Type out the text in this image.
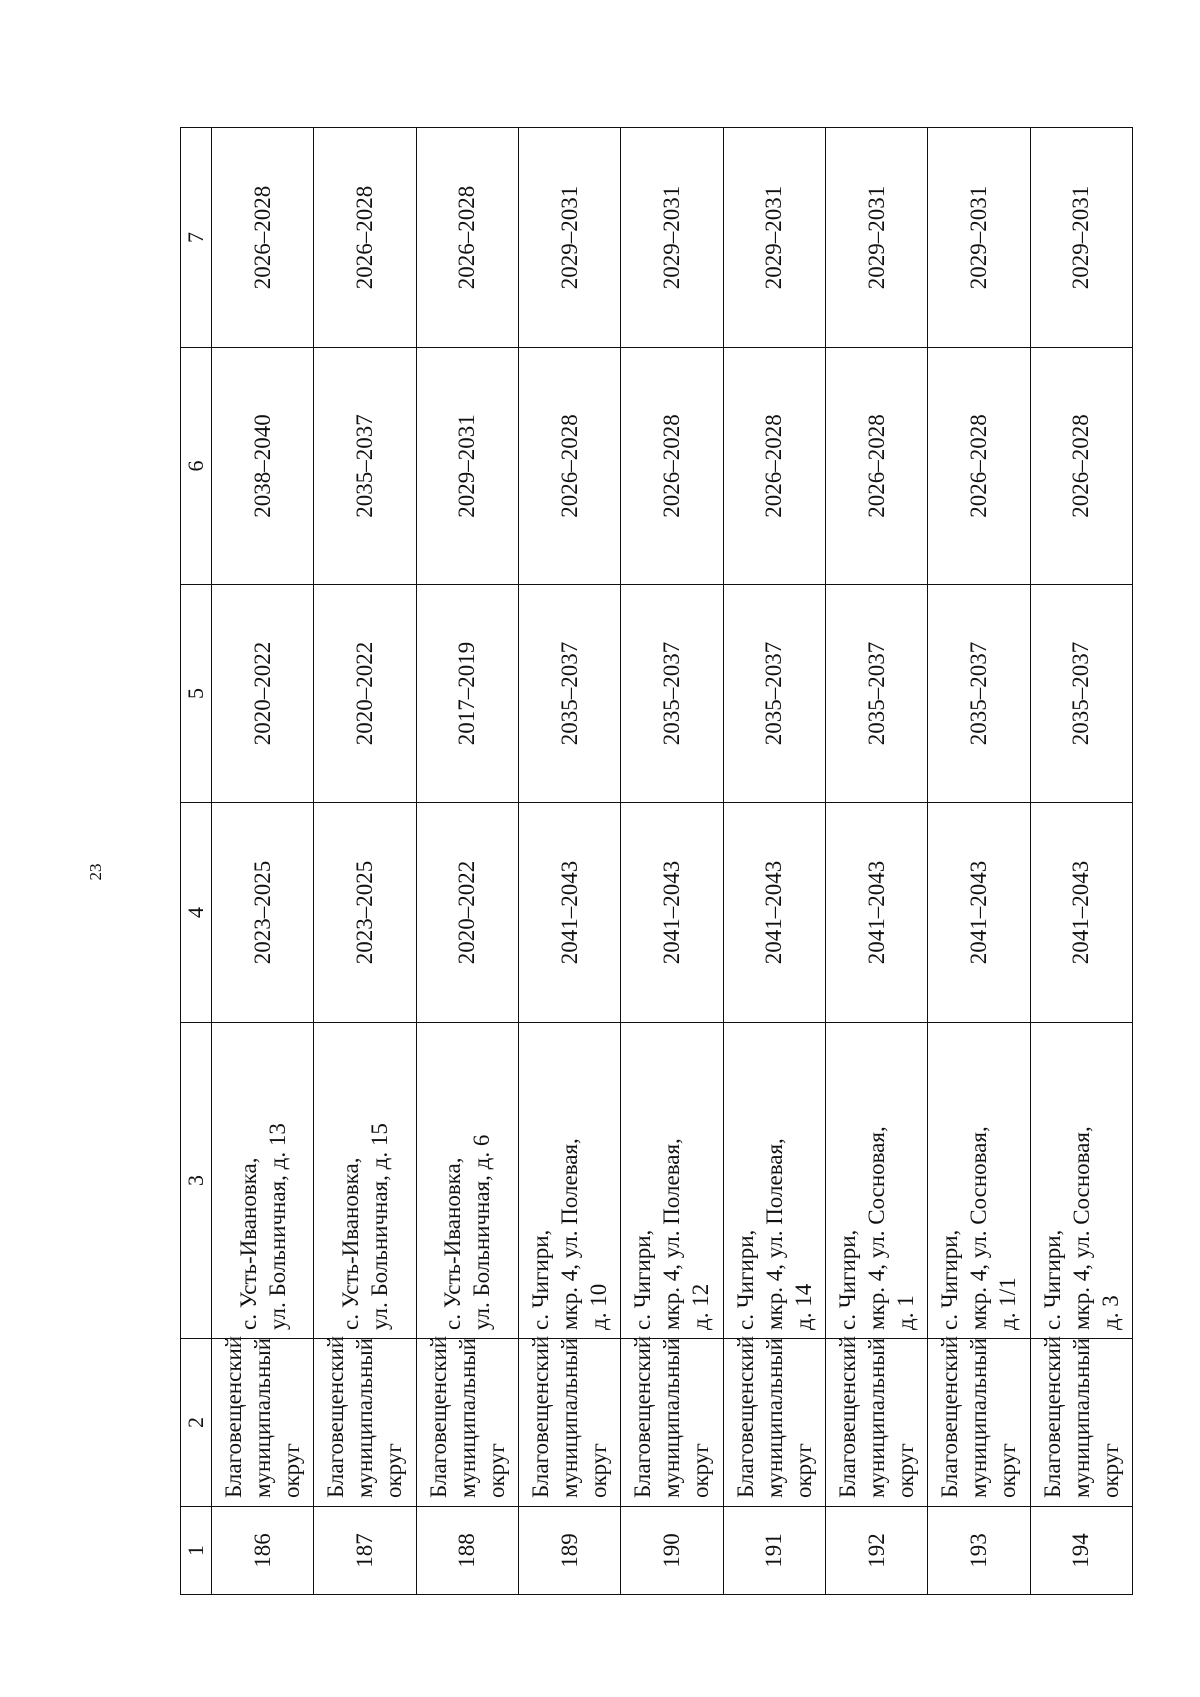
23
1	2	3	4	5	6	7
186	Благовещенский муниципальный округ	с. Усть-Ивановка, ул. Больничная, д. 13	2023–2025	2020–2022	2038–2040	2026–2028
187	Благовещенский муниципальный округ	с. Усть-Ивановка, ул. Больничная, д. 15	2023–2025	2020–2022	2035–2037	2026–2028
188	Благовещенский муниципальный округ	с. Усть-Ивановка, ул. Больничная, д. 6	2020–2022	2017–2019	2029–2031	2026–2028
189	Благовещенский муниципальный округ	с. Чигири, мкр. 4, ул. Полевая, д. 10	2041–2043	2035–2037	2026–2028	2029–2031
190	Благовещенский муниципальный округ	с. Чигири, мкр. 4, ул. Полевая, д. 12	2041–2043	2035–2037	2026–2028	2029–2031
191	Благовещенский муниципальный округ	с. Чигири, мкр. 4, ул. Полевая, д. 14	2041–2043	2035–2037	2026–2028	2029–2031
192	Благовещенский муниципальный округ	с. Чигири, мкр. 4, ул. Сосновая, д. 1	2041–2043	2035–2037	2026–2028	2029–2031
193	Благовещенский муниципальный округ	с. Чигири, мкр. 4, ул. Сосновая, д. 1/1	2041–2043	2035–2037	2026–2028	2029–2031
194	Благовещенский муниципальный округ	с. Чигири, мкр. 4, ул. Сосновая, д. 3	2041–2043	2035–2037	2026–2028	2029–2031
